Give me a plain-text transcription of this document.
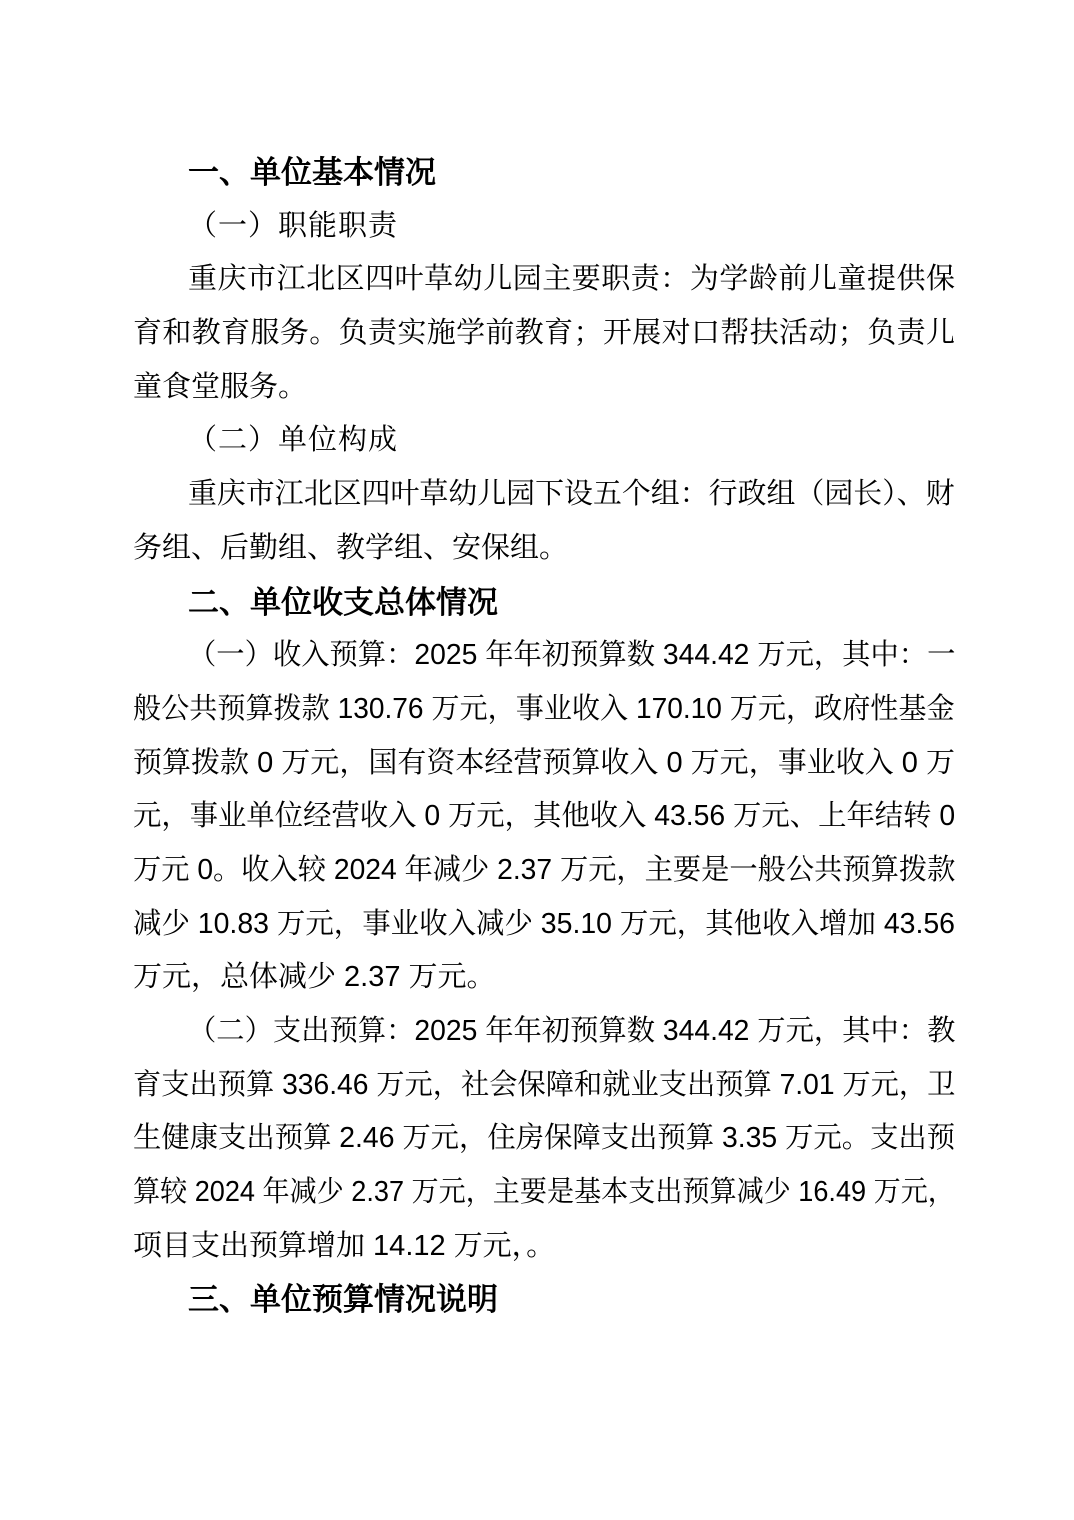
一、单位基本情况
（一）职能职责
重庆市江北区四叶草幼儿园主要职责：为学龄前儿童提供保
育和教育服务。负责实施学前教育；开展对口帮扶活动；负责儿
童食堂服务。
（二）单位构成
重庆市江北区四叶草幼儿园下设五个组：行政组（园长）、财
务组、后勤组、教学组、安保组。
二、单位收支总体情况
（一）收入预算：2025 年年初预算数 344.42 万元，其中：一
般公共预算拨款 130.76 万元，事业收入 170.10 万元，政府性基金
预算拨款 0 万元，国有资本经营预算收入 0 万元，事业收入 0 万
元，事业单位经营收入 0 万元，其他收入 43.56 万元、上年结转 0
万元 0。收入较 2024 年减少 2.37 万元，主要是一般公共预算拨款
减少 10.83 万元，事业收入减少 35.10 万元，其他收入增加 43.56
万元，总体减少 2.37 万元。
（二）支出预算：2025 年年初预算数 344.42 万元，其中：教
育支出预算 336.46 万元，社会保障和就业支出预算 7.01 万元，卫
生健康支出预算 2.46 万元，住房保障支出预算 3.35 万元。支出预
算较 2024 年减少 2.37 万元，主要是基本支出预算减少 16.49 万元，
项目支出预算增加 14.12 万元，。
三、单位预算情况说明
